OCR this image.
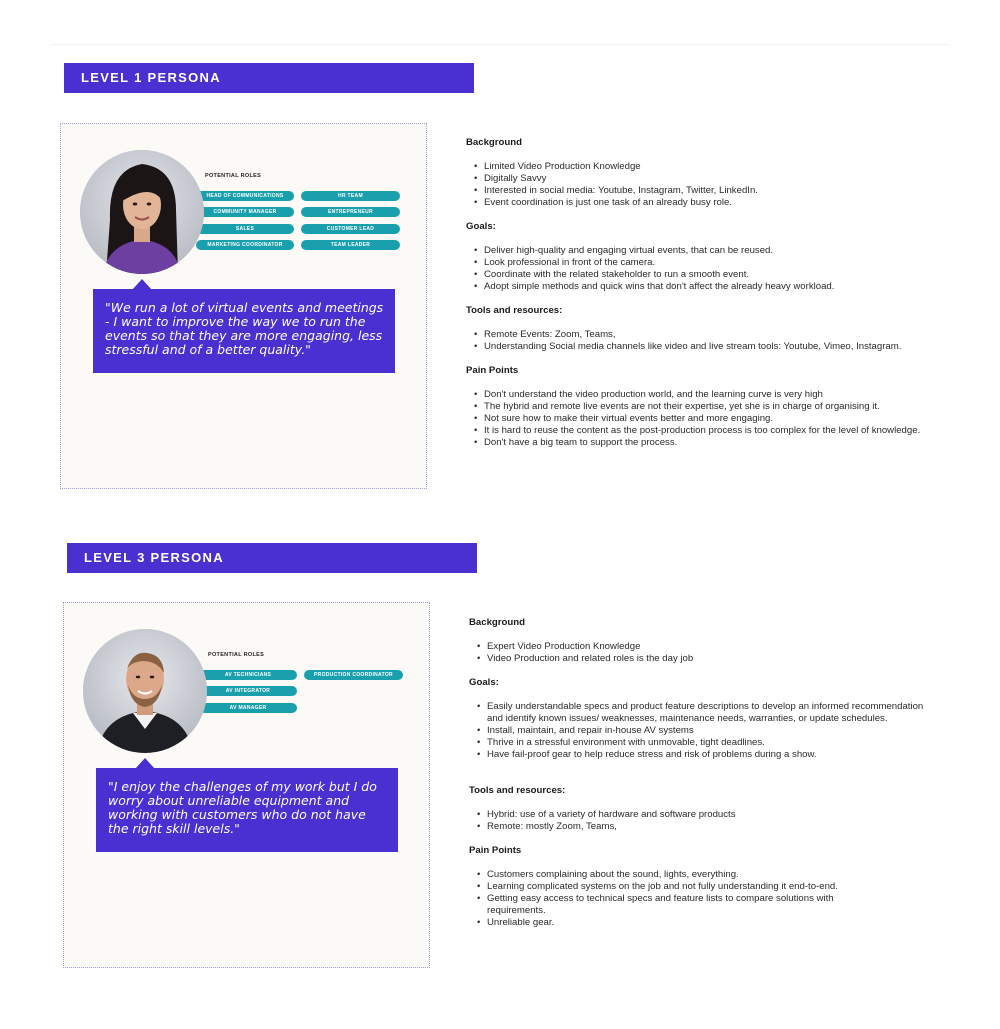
LEVEL 1 PERSONA
POTENTIAL ROLES
HEAD OF COMMUNICATIONS
COMMUNITY MANAGER
SALES
MARKETING COORDINATOR
HR TEAM
ENTREPRENEUR
CUSTOMER LEAD
TEAM LEADER
"We run a lot of virtual events and meetings - I want to improve the way we to run the events so that they are more engaging, less stressful and of a better quality."
Background
• Limited Video Production Knowledge
• Digitally Savvy
• Interested in social media: Youtube, Instagram, Twitter, LinkedIn.
• Event coordination is just one task of an already busy role.
Goals:
• Deliver high-quality and engaging virtual events, that can be reused.
• Look professional in front of the camera.
• Coordinate with the related stakeholder to run a smooth event.
• Adopt simple methods and quick wins that don't affect the already heavy workload.
Tools and resources:
• Remote Events: Zoom, Teams,
• Understanding Social media channels like video and live stream tools: Youtube, Vimeo, Instagram.
Pain Points
• Don't understand the video production world, and the learning curve is very high
• The hybrid and remote live events are not their expertise, yet she is in charge of organising it.
• Not sure how to make their virtual events better and more engaging.
• It is hard to reuse the content as the post-production process is too complex for the level of knowledge.
• Don't have a big team to support the process.
LEVEL 3 PERSONA
POTENTIAL ROLES
AV TECHNICIANS
AV INTEGRATOR
AV MANAGER
PRODUCTION COORDINATOR
"I enjoy the challenges of my work but I do worry about unreliable equipment and working with customers who do not have the right skill levels."
Background
• Expert Video Production Knowledge
• Video Production and related roles is the day job
Goals:
• Easily understandable specs and product feature descriptions to develop an informed recommendation and identify known issues/ weaknesses, maintenance needs, warranties, or update schedules.
• Install, maintain, and repair in-house AV systems
• Thrive in a stressful environment with unmovable, tight deadlines.
• Have fail-proof gear to help reduce stress and risk of problems during a show.
Tools and resources:
• Hybrid: use of a variety of hardware and software products
• Remote: mostly Zoom, Teams,
Pain Points
• Customers complaining about the sound, lights, everything.
• Learning complicated systems on the job and not fully understanding it end-to-end.
• Getting easy access to technical specs and feature lists to compare solutions with requirements.
• Unreliable gear.
